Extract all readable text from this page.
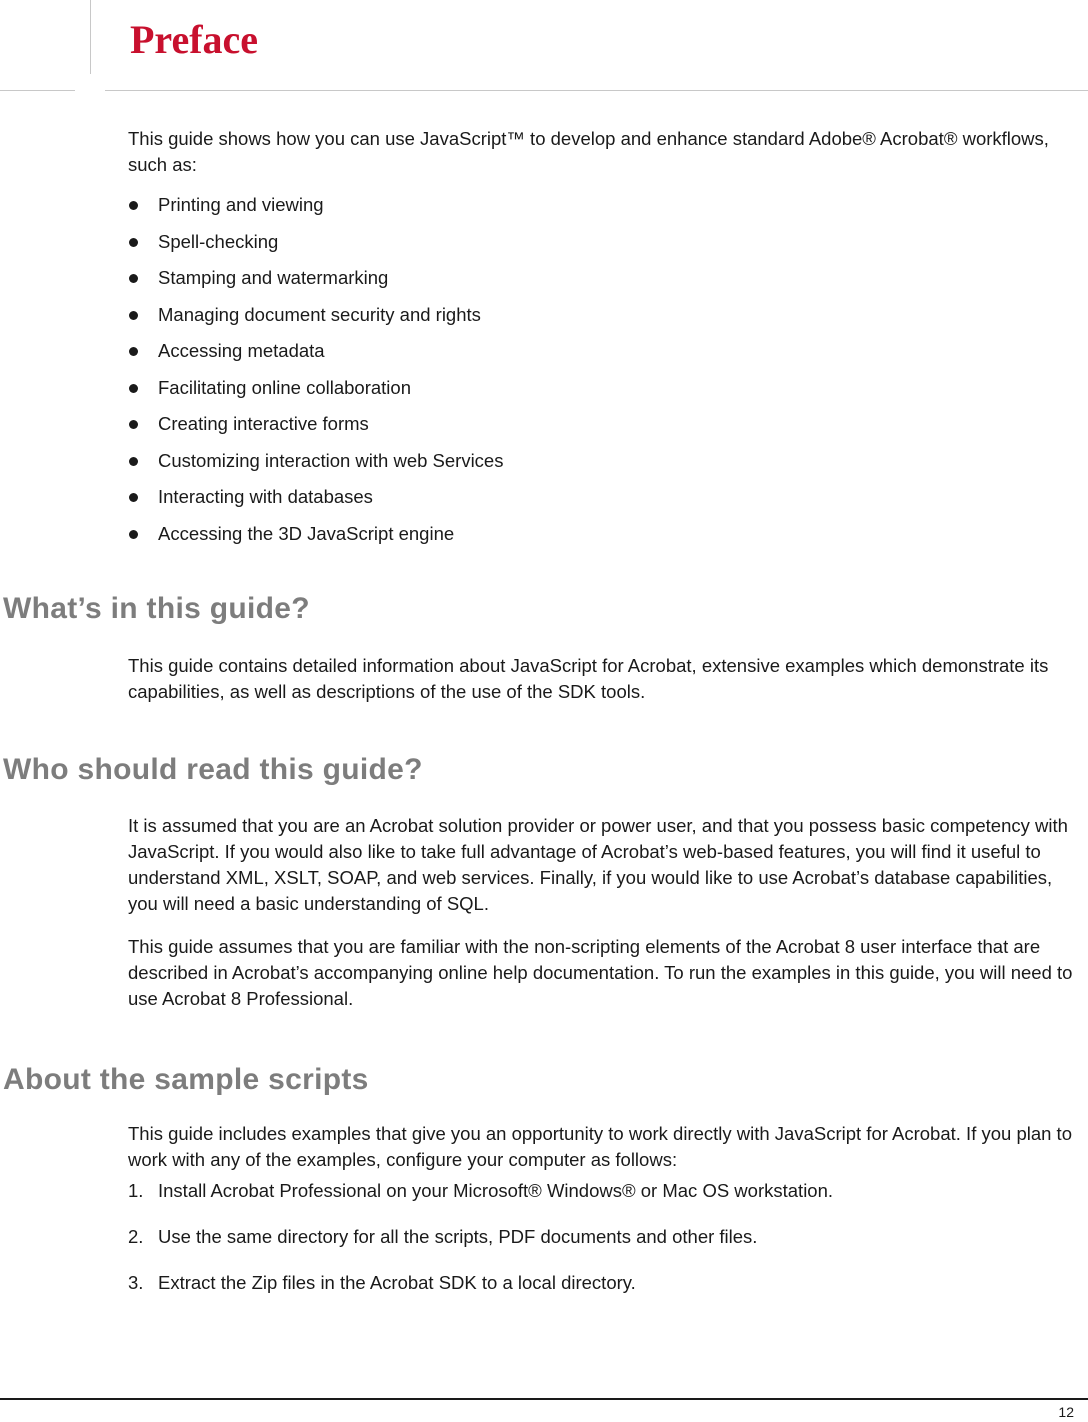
Preface

This guide shows how you can use JavaScript™ to develop and enhance standard Adobe® Acrobat® workflows, such as:

Printing and viewing
Spell-checking
Stamping and watermarking
Managing document security and rights
Accessing metadata
Facilitating online collaboration
Creating interactive forms
Customizing interaction with web Services
Interacting with databases
Accessing the 3D JavaScript engine
What’s in this guide?

This guide contains detailed information about JavaScript for Acrobat, extensive examples which demonstrate its capabilities, as well as descriptions of the use of the SDK tools.

Who should read this guide?

It is assumed that you are an Acrobat solution provider or power user, and that you possess basic competency with JavaScript. If you would also like to take full advantage of Acrobat’s web-based features, you will find it useful to understand XML, XSLT, SOAP, and web services. Finally, if you would like to use Acrobat’s database capabilities, you will need a basic understanding of SQL.

This guide assumes that you are familiar with the non-scripting elements of the Acrobat 8 user interface that are described in Acrobat’s accompanying online help documentation. To run the examples in this guide, you will need to use Acrobat 8 Professional.

About the sample scripts

This guide includes examples that give you an opportunity to work directly with JavaScript for Acrobat. If you plan to work with any of the examples, configure your computer as follows:

1. Install Acrobat Professional on your Microsoft® Windows® or Mac OS workstation.
2. Use the same directory for all the scripts, PDF documents and other files.
3. Extract the Zip files in the Acrobat SDK to a local directory.
12
